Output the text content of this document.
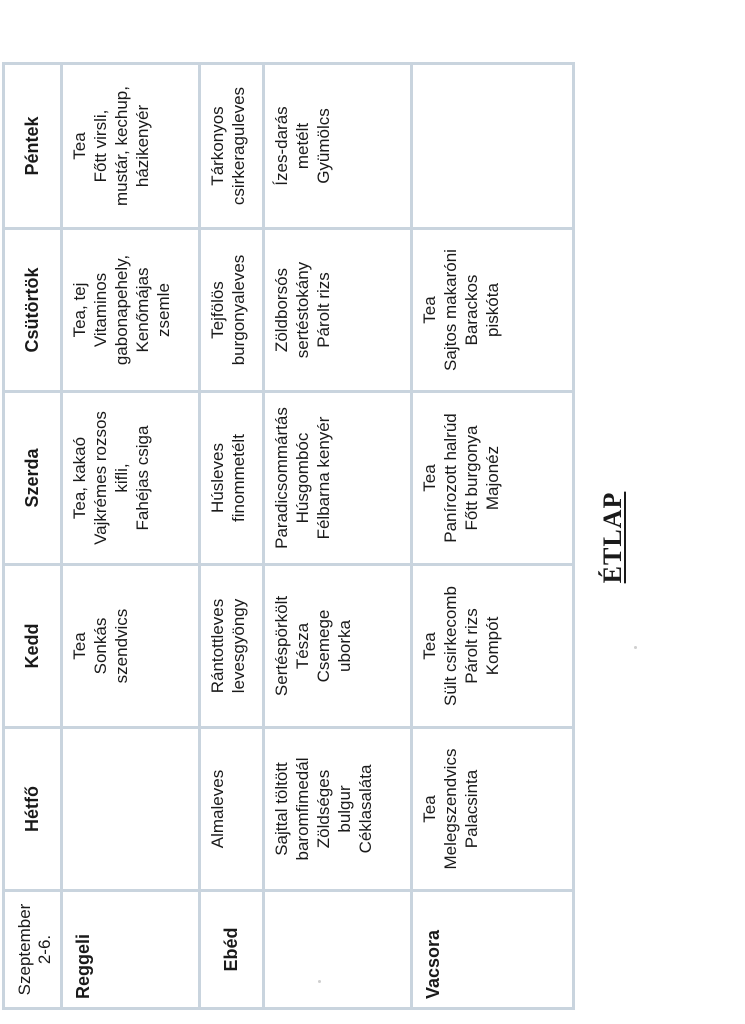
Szeptember 2-6.	Hétfő	Kedd	Szerda	Csütörtök	Péntek
Reggeli		Tea Sonkás szendvics	Tea, kakaó Vajkrémes rozsos kifli, Fahéjas csiga	Tea, tej Vitaminos gabonapehely, Kenőmájas zsemle	Tea Főtt virsli, mustár, kechup, házikenyér

Ebéd	Almaleves	Rántottleves levesgyöngy	Húsleves finommetélt	Tejfölös burgonyaleves	Tárkonyos csirkeraguleves

	Sajttal töltött baromfimedál Zöldséges bulgur Céklasaláta	Sertéspörkölt Tésza Csemege uborka	Paradicsommártás Húsgombóc Félbarna kenyér	Zöldborsós sertéstokány Párolt rizs	Ízes-darás metélt Gyümölcs

Vacsora	Tea Melegszendvics Palacsinta	Tea Sült csirkecomb Párolt rizs Kompót	Tea Panírozott halrúd Főtt burgonya Majonéz	Tea Sajtos makaróni Barackos piskóta	

ÉTLAP
